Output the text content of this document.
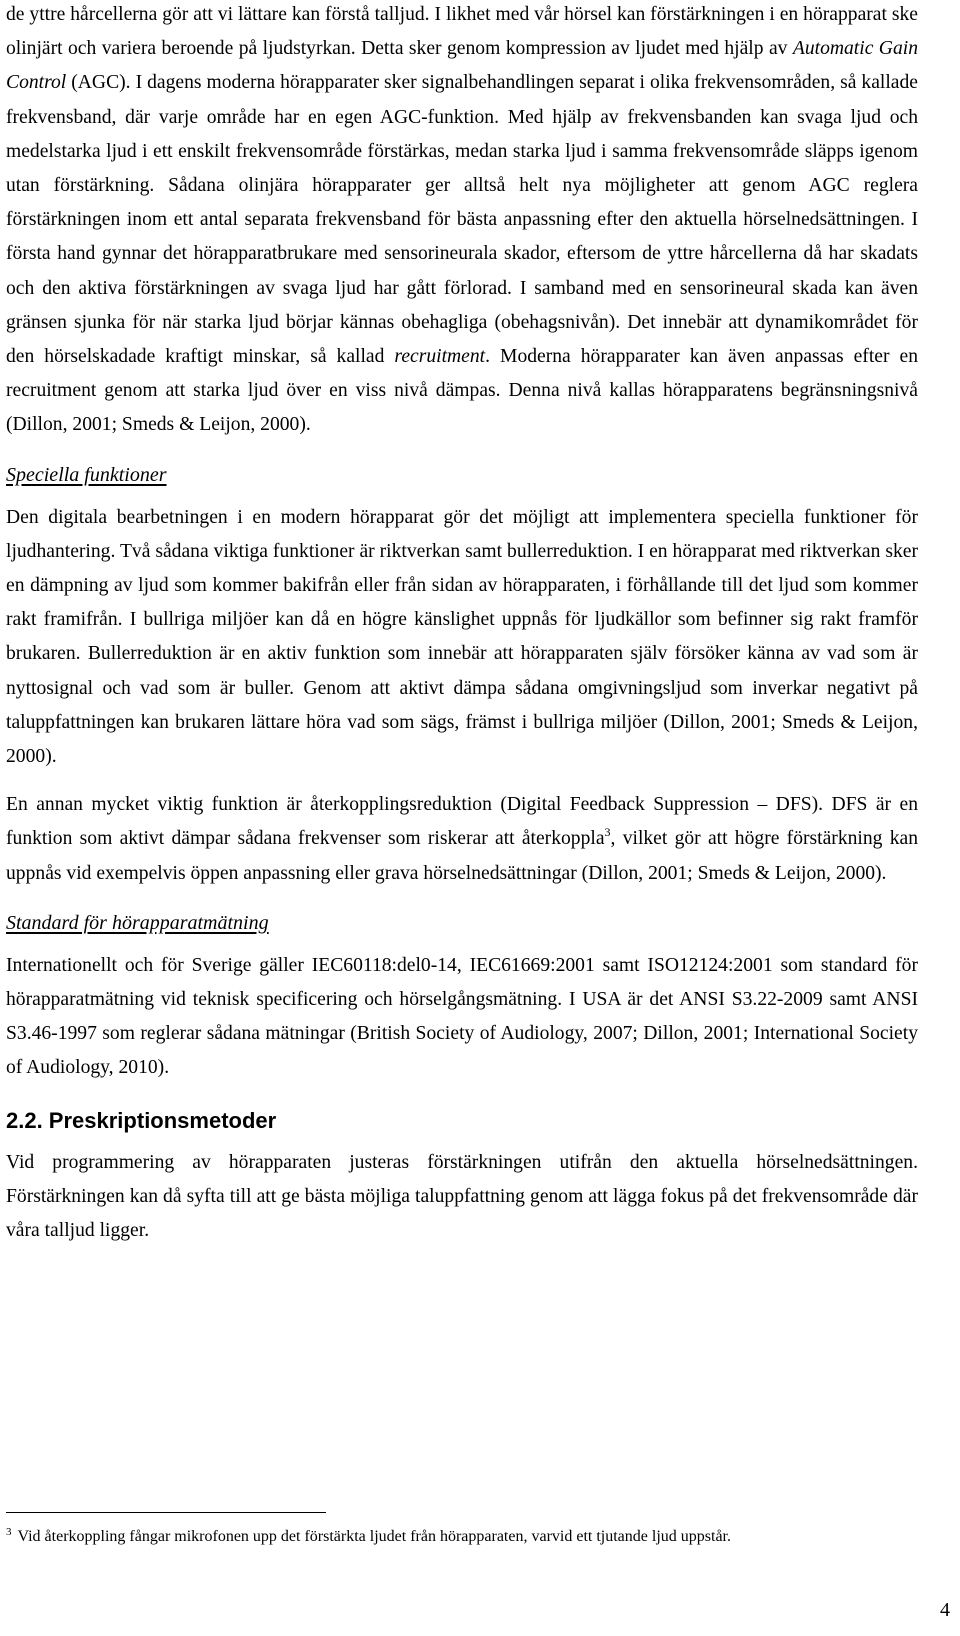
de yttre hårcellerna gör att vi lättare kan förstå talljud. I likhet med vår hörsel kan förstärkningen i en hörapparat ske olinjärt och variera beroende på ljudstyrkan. Detta sker genom kompression av ljudet med hjälp av Automatic Gain Control (AGC). I dagens moderna hörapparater sker signalbehandlingen separat i olika frekvensområden, så kallade frekvensband, där varje område har en egen AGC-funktion. Med hjälp av frekvensbanden kan svaga ljud och medelstarka ljud i ett enskilt frekvensområde förstärkas, medan starka ljud i samma frekvensområde släpps igenom utan förstärkning. Sådana olinjära hörapparater ger alltså helt nya möjligheter att genom AGC reglera förstärkningen inom ett antal separata frekvensband för bästa anpassning efter den aktuella hörselnedsättningen. I första hand gynnar det hörapparatbrukare med sensorineurala skador, eftersom de yttre hårcellerna då har skadats och den aktiva förstärkningen av svaga ljud har gått förlorad. I samband med en sensorineural skada kan även gränsen sjunka för när starka ljud börjar kännas obehagliga (obehagsnivån). Det innebär att dynamikområdet för den hörselskadade kraftigt minskar, så kallad recruitment. Moderna hörapparater kan även anpassas efter en recruitment genom att starka ljud över en viss nivå dämpas. Denna nivå kallas hörapparatens begränsningsnivå (Dillon, 2001; Smeds & Leijon, 2000).

Speciella funktioner

Den digitala bearbetningen i en modern hörapparat gör det möjligt att implementera speciella funktioner för ljudhantering. Två sådana viktiga funktioner är riktverkan samt bullerreduktion. I en hörapparat med riktverkan sker en dämpning av ljud som kommer bakifrån eller från sidan av hörapparaten, i förhållande till det ljud som kommer rakt framifrån. I bullriga miljöer kan då en högre känslighet uppnås för ljudkällor som befinner sig rakt framför brukaren. Bullerreduktion är en aktiv funktion som innebär att hörapparaten själv försöker känna av vad som är nyttosignal och vad som är buller. Genom att aktivt dämpa sådana omgivningsljud som inverkar negativt på taluppfattningen kan brukaren lättare höra vad som sägs, främst i bullriga miljöer (Dillon, 2001; Smeds & Leijon, 2000).

En annan mycket viktig funktion är återkopplingsreduktion (Digital Feedback Suppression – DFS). DFS är en funktion som aktivt dämpar sådana frekvenser som riskerar att återkoppla$^3$, vilket gör att högre förstärkning kan uppnås vid exempelvis öppen anpassning eller grava hörselnedsättningar (Dillon, 2001; Smeds & Leijon, 2000).

Standard för hörapparatmätning

Internationellt och för Sverige gäller IEC60118:del0-14, IEC61669:2001 samt ISO12124:2001 som standard för hörapparatmätning vid teknisk specificering och hörselgångsmätning. I USA är det ANSI S3.22-2009 samt ANSI S3.46-1997 som reglerar sådana mätningar (British Society of Audiology, 2007; Dillon, 2001; International Society of Audiology, 2010).

2.2. Preskriptionsmetoder

Vid programmering av hörapparaten justeras förstärkningen utifrån den aktuella hörselnedsättningen. Förstärkningen kan då syfta till att ge bästa möjliga taluppfattning genom att lägga fokus på det frekvensområde där våra talljud ligger.

$^3$ Vid återkoppling fångar mikrofonen upp det förstärkta ljudet från hörapparaten, varvid ett tjutande ljud uppstår.

4
